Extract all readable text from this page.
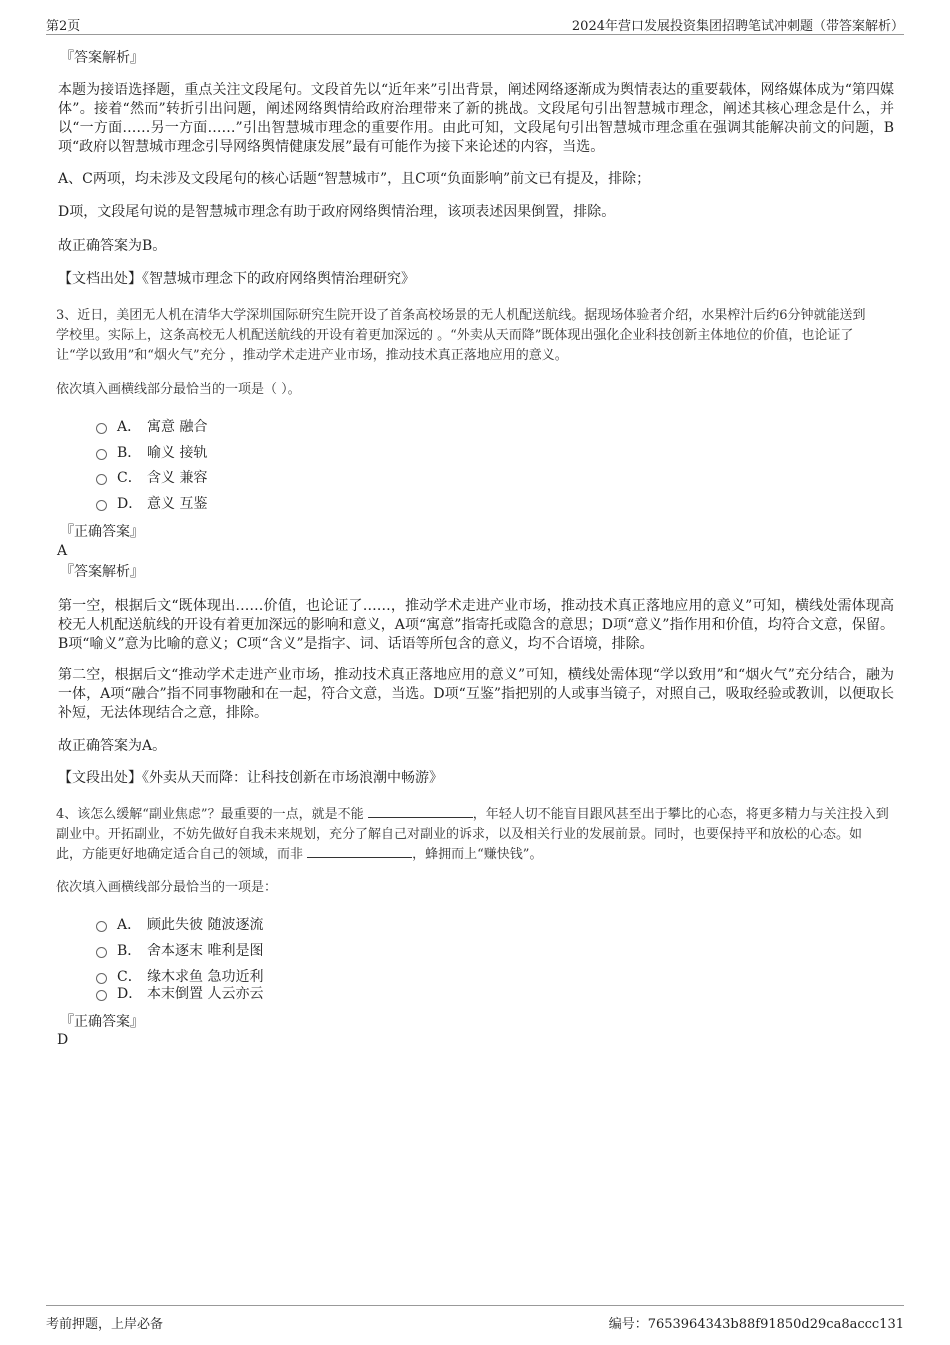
第2页	2024年营口发展投资集团招聘笔试冲刺题（带答案解析）
『答案解析』
本题为接语选择题，重点关注文段尾句。文段首先以“近年来”引出背景，阐述网络逐渐成为舆情表达的重要载体，网络媒体成为“第四媒体”。接着“然而”转折引出问题，阐述网络舆情给政府治理带来了新的挑战。文段尾句引出智慧城市理念，阐述其核心理念是什么，并以“一方面……另一方面……”引出智慧城市理念的重要作用。由此可知，文段尾句引出智慧城市理念重在强调其能解决前文的问题，B项“政府以智慧城市理念引导网络舆情健康发展”最有可能作为接下来论述的内容，当选。
A、C两项，均未涉及文段尾句的核心话题“智慧城市”，且C项“负面影响”前文已有提及，排除；
D项，文段尾句说的是智慧城市理念有助于政府网络舆情治理，该项表述因果倒置，排除。
故正确答案为B。
【文档出处】《智慧城市理念下的政府网络舆情治理研究》
3、近日，美团无人机在清华大学深圳国际研究生院开设了首条高校场景的无人机配送航线。据现场体验者介绍，水果榨汁后约6分钟就能送到
学校里。实际上，这条高校无人机配送航线的开设有着更加深远的 。“外卖从天而降”既体现出强化企业科技创新主体地位的价值，也论证了
让“学以致用”和“烟火气”充分 ，推动学术走进产业市场，推动技术真正落地应用的意义。
依次填入画横线部分最恰当的一项是（ ）。
A． 寓意 融合
B． 喻义 接轨
C． 含义 兼容
D． 意义 互鉴
『正确答案』
A
『答案解析』
第一空，根据后文“既体现出……价值，也论证了……，推动学术走进产业市场，推动技术真正落地应用的意义”可知，横线处需体现高校无人机配送航线的开设有着更加深远的影响和意义，A项“寓意”指寄托或隐含的意思；D项“意义”指作用和价值，均符合文意，保留。B项“喻义”意为比喻的意义；C项“含义”是指字、词、话语等所包含的意义，均不合语境，排除。
第二空，根据后文“推动学术走进产业市场，推动技术真正落地应用的意义”可知，横线处需体现“学以致用”和“烟火气”充分结合，融为一体，A项“融合”指不同事物融和在一起，符合文意，当选。D项“互鉴”指把别的人或事当镜子，对照自己，吸取经验或教训，以便取长补短，无法体现结合之意，排除。
故正确答案为A。
【文段出处】《外卖从天而降：让科技创新在市场浪潮中畅游》
4、该怎么缓解“副业焦虑”？最重要的一点，就是不能	，年轻人切不能盲目跟风甚至出于攀比的心态，将更多精力与关注投入到
副业中。开拓副业，不妨先做好自我未来规划，充分了解自己对副业的诉求，以及相关行业的发展前景。同时，也要保持平和放松的心态。如
此，方能更好地确定适合自己的领域，而非	，蜂拥而上“赚快钱”。
依次填入画横线部分最恰当的一项是：
A． 顾此失彼 随波逐流
B． 舍本逐末 唯利是图
C． 缘木求鱼 急功近利
D． 本末倒置 人云亦云
『正确答案』
D
考前押题，上岸必备	编号：7653964343b88f91850d29ca8accc131
